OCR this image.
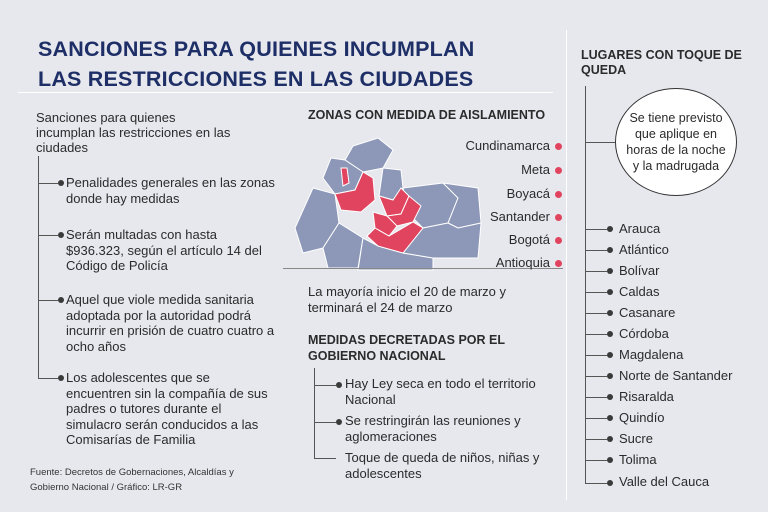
SANCIONES PARA QUIENES INCUMPLAN
LAS RESTRICCIONES EN LAS CIUDADES
Sanciones para quienes incumplan las restricciones en las ciudades
Penalidades generales en las zonas donde hay medidas
Serán multadas con hasta $936.323, según el artículo 14 del Código de Policía
Aquel que viole medida sanitaria adoptada por la autoridad podrá incurrir en prisión de cuatro cuatro a ocho años
Los adolescentes que se encuentren sin la compañía de sus padres o tutores durante el simulacro serán conducidos a las Comisarías de Familia
Fuente: Decretos de Gobernaciones, Alcaldías y Gobierno Nacional / Gráfico: LR-GR
ZONAS CON MEDIDA DE AISLAMIENTO
Cundinamarca
Meta
Boyacá
Santander
Bogotá
Antioquia
La mayoría inicio el 20 de marzo y terminará el 24 de marzo
MEDIDAS DECRETADAS POR EL GOBIERNO NACIONAL
Hay Ley seca en todo el territorio Nacional
Se restringirán las reuniones y aglomeraciones
Toque de queda de niños, niñas y adolescentes
LUGARES CON TOQUE DE QUEDA
Se tiene previsto que aplique en horas de la noche y la madrugada
Arauca
Atlántico
Bolívar
Caldas
Casanare
Córdoba
Magdalena
Norte de Santander
Risaralda
Quindío
Sucre
Tolima
Valle del Cauca
